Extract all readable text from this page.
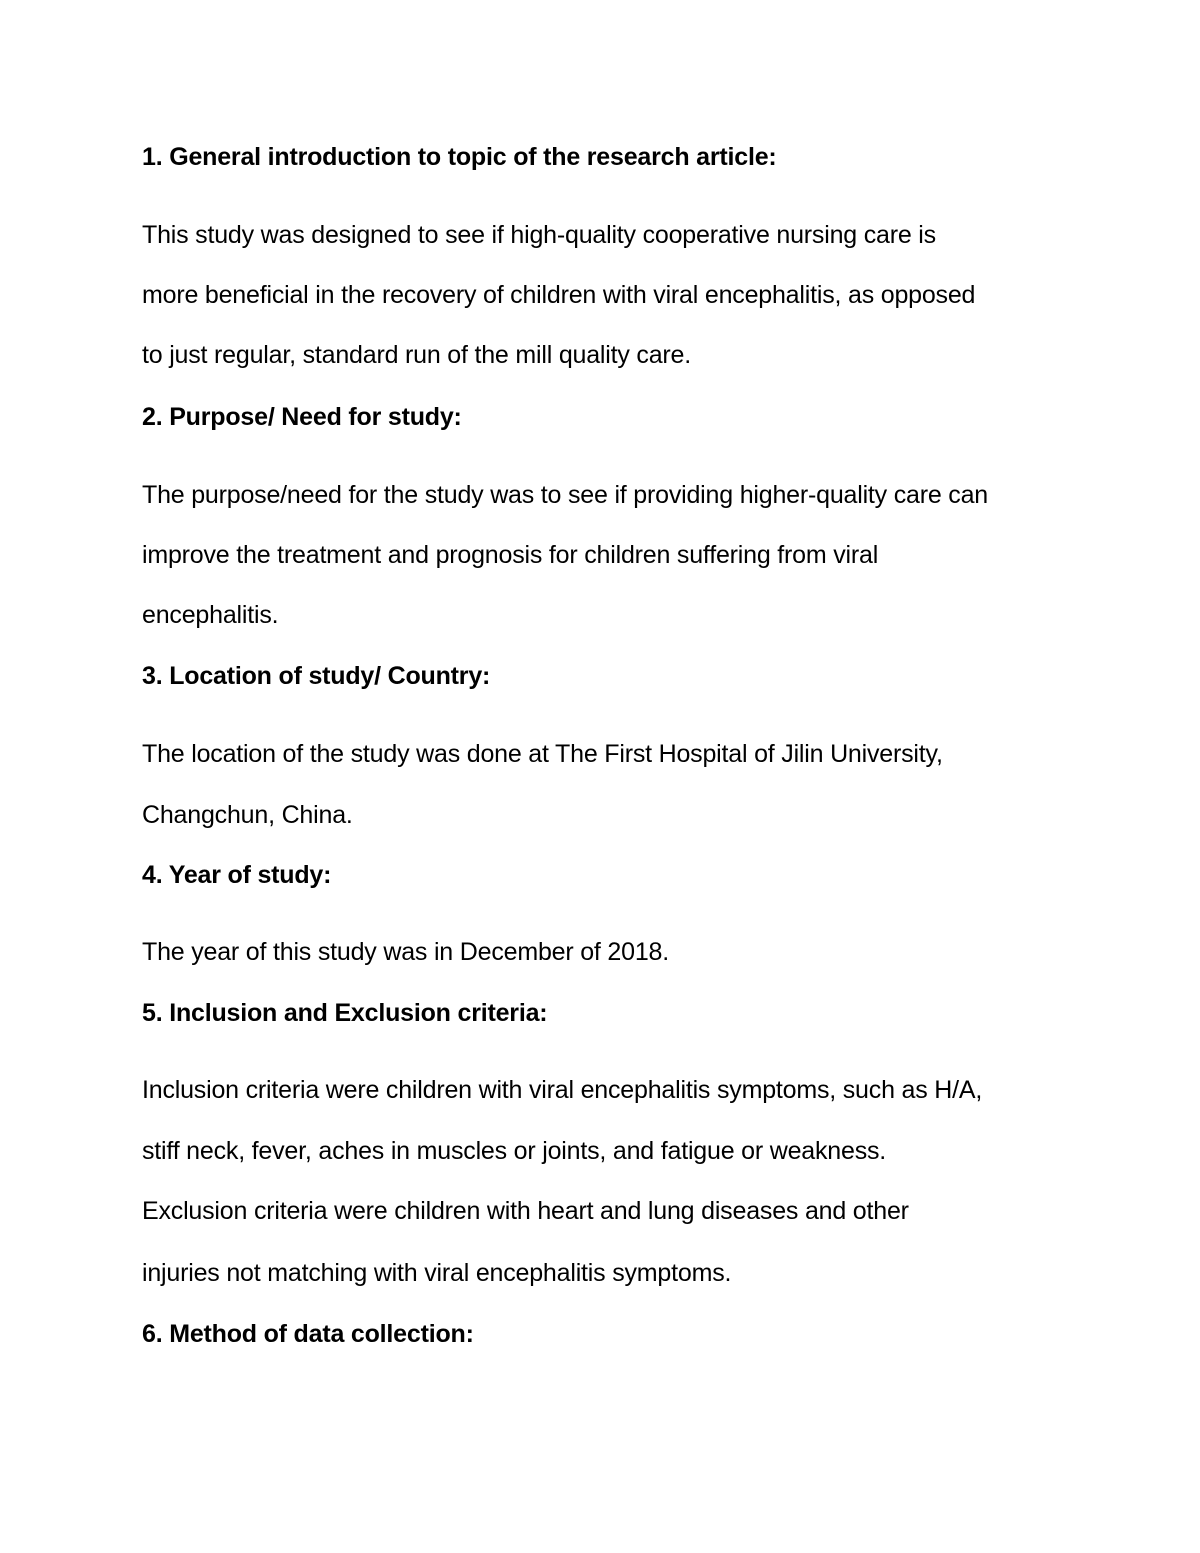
1. General introduction to topic of the research article:
This study was designed to see if high-quality cooperative nursing care is
more beneficial in the recovery of children with viral encephalitis, as opposed
to just regular, standard run of the mill quality care.
2. Purpose/ Need for study:
The purpose/need for the study was to see if providing higher-quality care can
improve the treatment and prognosis for children suffering from viral
encephalitis.
3. Location of study/ Country:
The location of the study was done at The First Hospital of Jilin University,
Changchun, China.
4. Year of study:
The year of this study was in December of 2018.
5. Inclusion and Exclusion criteria:
Inclusion criteria were children with viral encephalitis symptoms, such as H/A,
stiff neck, fever, aches in muscles or joints, and fatigue or weakness.
Exclusion criteria were children with heart and lung diseases and other
injuries not matching with viral encephalitis symptoms.
6. Method of data collection:
